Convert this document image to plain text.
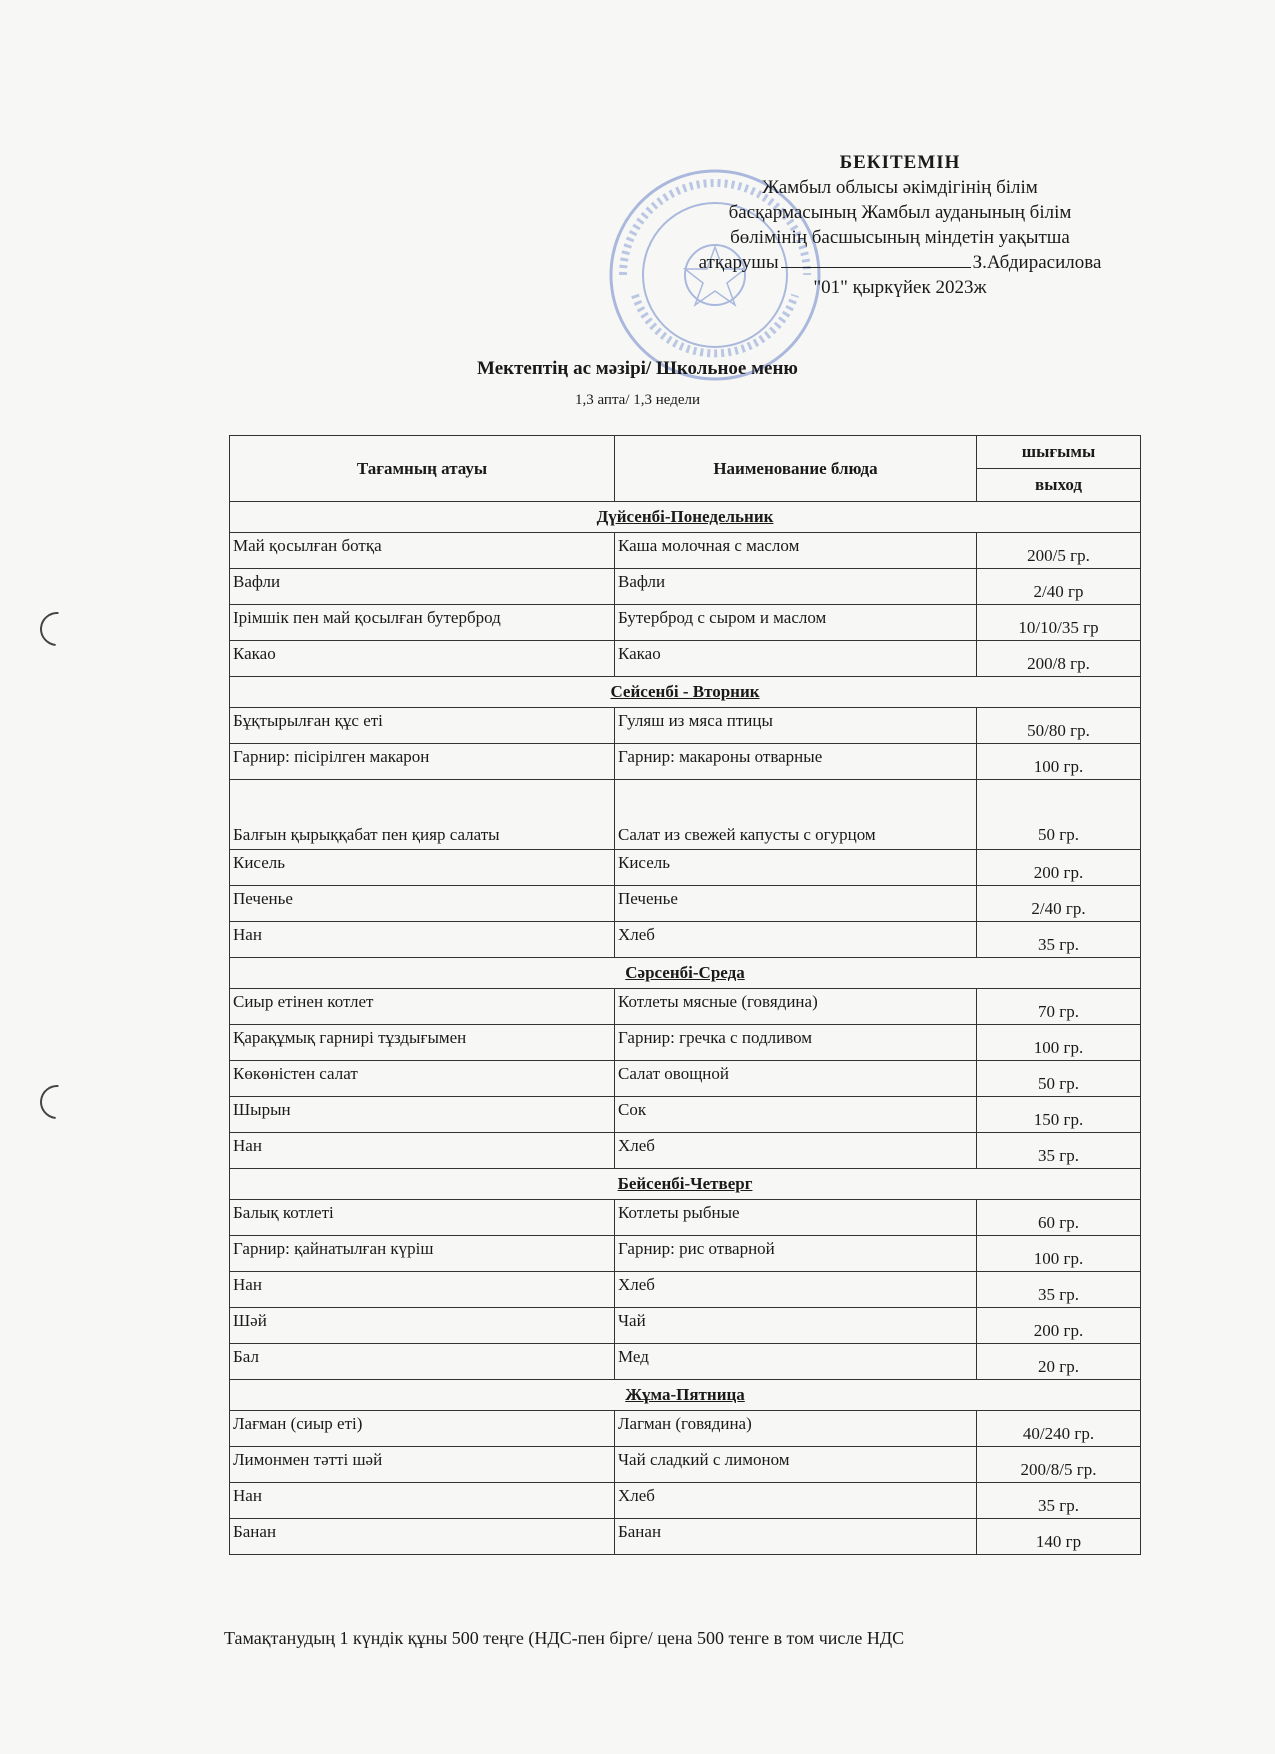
БЕКІТЕМІН
Жамбыл облысы әкімдігінің білім
басқармасының Жамбыл ауданының білім
бөлімінің басшысының міндетін уақытша
атқарушы	З.Абдирасилова
"01" қыркүйек 2023ж
Мектептің ас мәзірі/ Школьное меню
1,3 апта/ 1,3 недели
Тағамның атауы	Наименование блюда	шығымы
		выход
Дүйсенбі-Понедельник		
Май қосылған ботқа	Каша молочная с маслом	200/5 гр.
Вафли	Вафли	2/40 гр
Ірімшік пен май қосылған бутерброд	Бутерброд с сыром и маслом	10/10/35 гр
Какао	Какао	200/8 гр.
Сейсенбі - Вторник		
Бұқтырылған құс еті	Гуляш из мяса птицы	50/80 гр.
Гарнир: пісірілген макарон	Гарнир: макароны отварные	100 гр.
Балғын қырыққабат пен қияр салаты	Салат из свежей капусты с огурцом	50 гр.
Кисель	Кисель	200 гр.
Печенье	Печенье	2/40 гр.
Нан	Хлеб	35 гр.
Сәрсенбі-Среда		
Сиыр етінен котлет	Котлеты мясные (говядина)	70 гр.
Қарақұмық гарнирі тұздығымен	Гарнир: гречка с подливом	100 гр.
Көкөністен салат	Салат овощной	50 гр.
Шырын	Сок	150 гр.
Нан	Хлеб	35 гр.
Бейсенбі-Четверг		
Балық котлеті	Котлеты рыбные	60 гр.
Гарнир: қайнатылған күріш	Гарнир: рис отварной	100 гр.
Нан	Хлеб	35 гр.
Шәй	Чай	200 гр.
Бал	Мед	20 гр.
Жұма-Пятница		
Лағман (сиыр еті)	Лагман (говядина)	40/240 гр.
Лимонмен тәтті шәй	Чай сладкий с лимоном	200/8/5 гр.
Нан	Хлеб	35 гр.
Банан	Банан	140 гр
Тамақтанудың 1 күндік құны 500 теңге (НДС-пен бірге/ цена 500 тенге в том числе НДС
